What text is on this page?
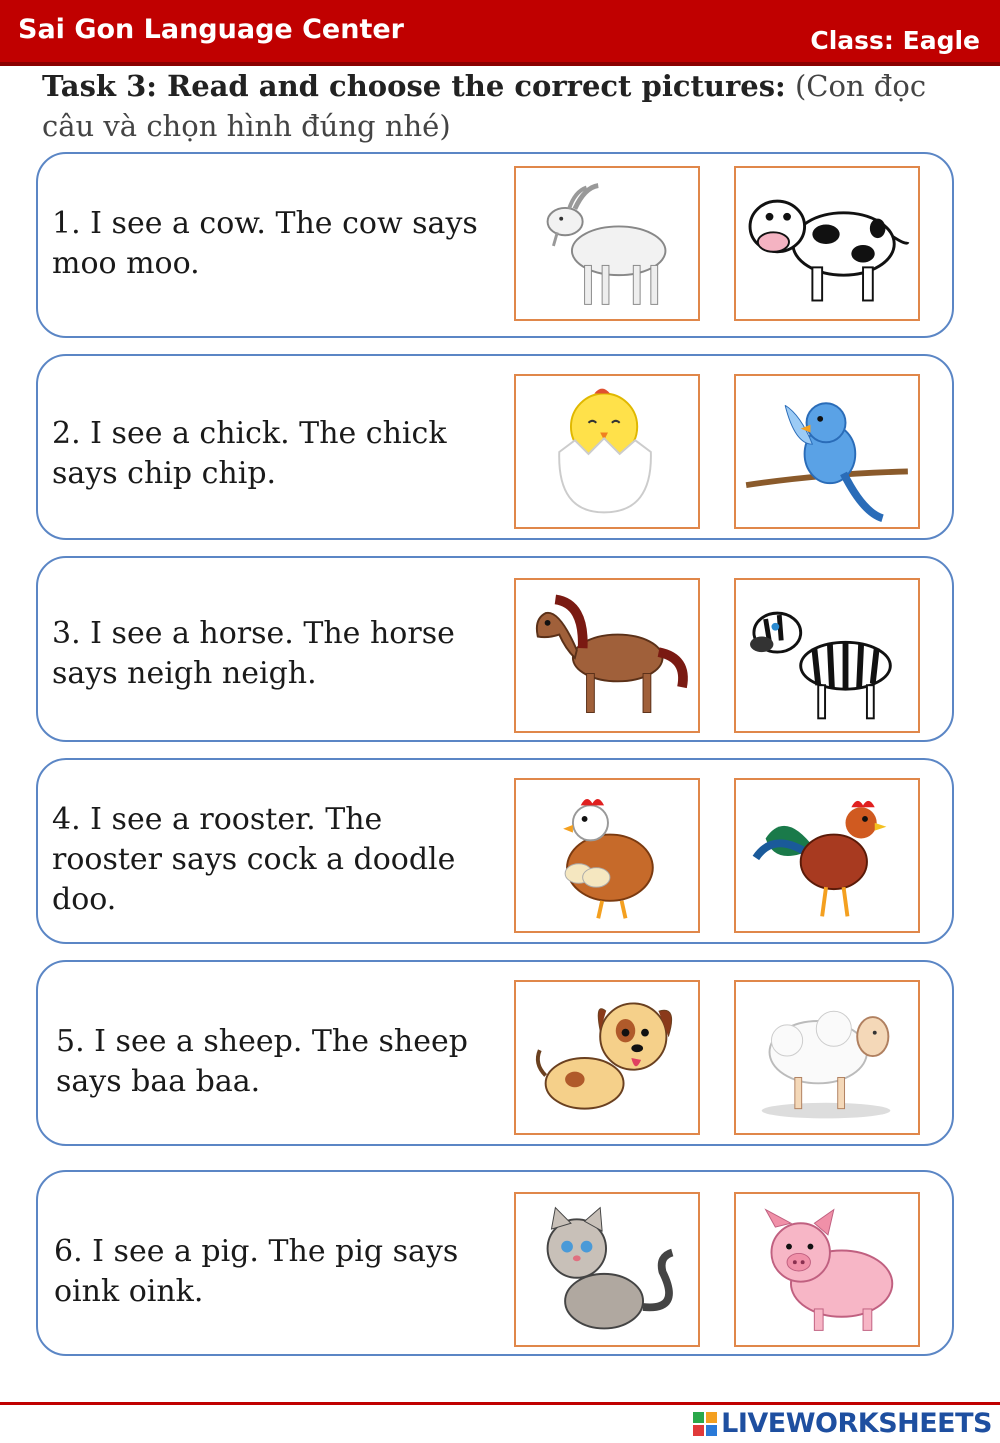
Sai Gon Language Center	Class: Eagle
Task 3: Read and choose the correct pictures: (Con đọc câu và chọn hình đúng nhé)
1. I see a cow. The cow says moo moo.
2. I see a chick. The chick says chip chip.
3. I see a horse. The horse says neigh neigh.
4. I see a rooster. The rooster says cock a doodle doo.
5. I see a sheep. The sheep says baa baa.
6. I see a pig. The pig says oink oink.
LIVEWORKSHEETS
